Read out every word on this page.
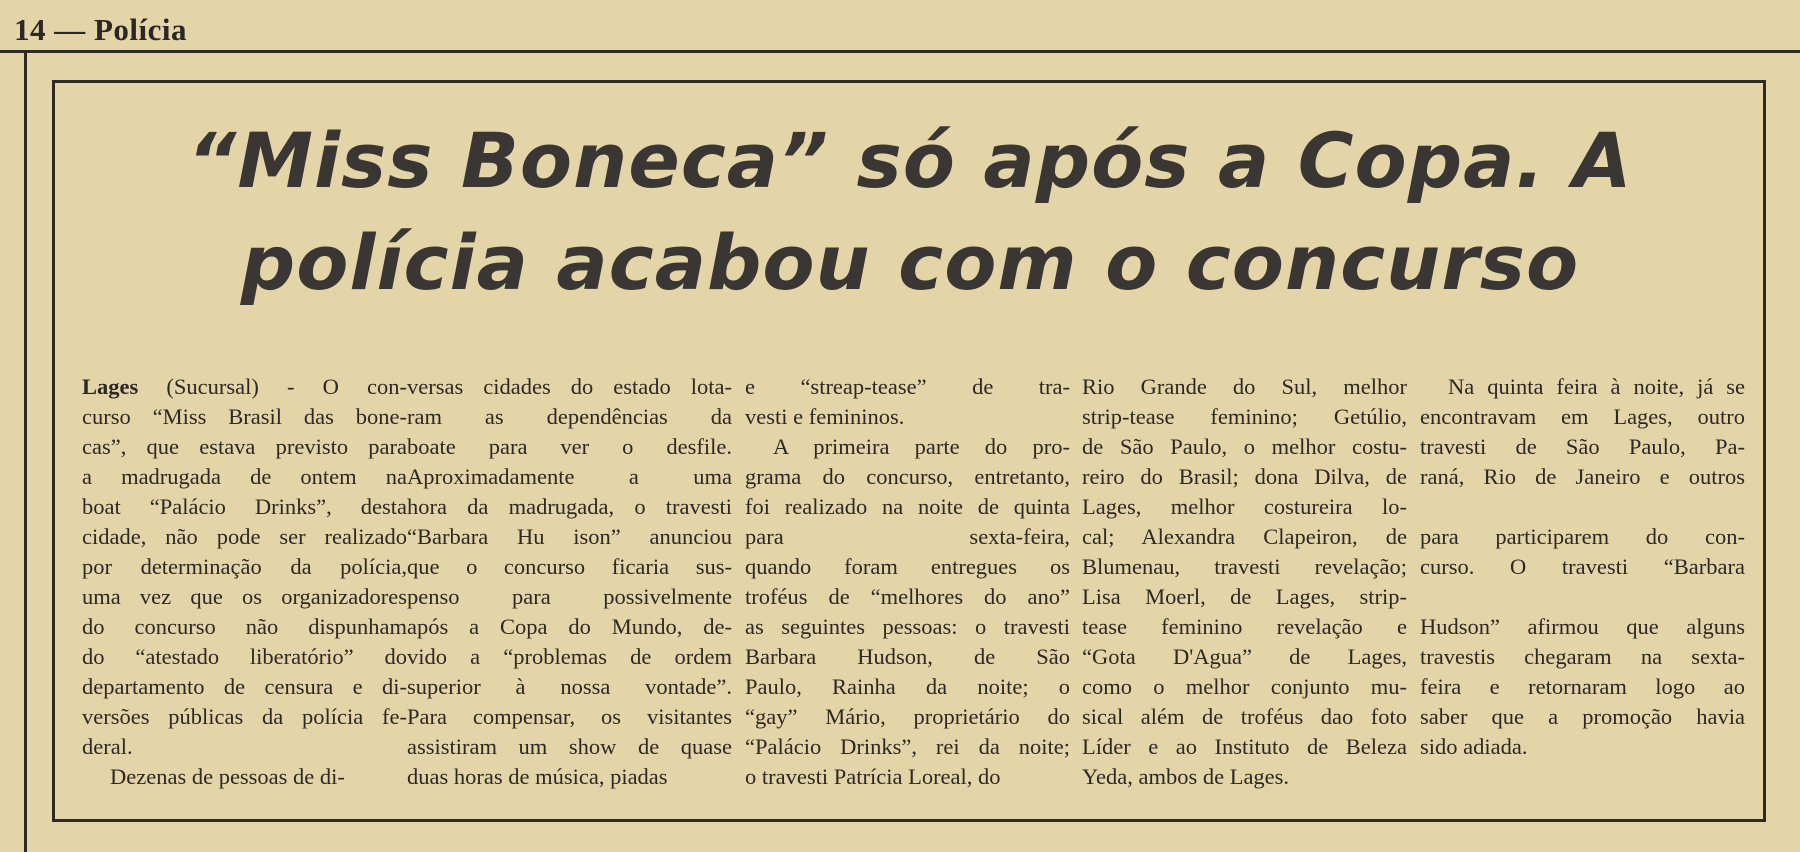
14 — Polícia
“Miss Boneca” só após a Copa. A polícia acabou com o concurso
Lages (Sucursal) - O con-
curso “Miss Brasil das bone-
cas”, que estava previsto para
a madrugada de ontem na
boat “Palácio Drinks”, desta
cidade, não pode ser realizado
por determinação da polícia,
uma vez que os organizadores
do concurso não dispunham
do “atestado liberatório” do
departamento de censura e di-
versões públicas da polícia fe-
deral.
Dezenas de pessoas de di-
versas cidades do estado lota-
ram as dependências da
boate para ver o desfile.
Aproximadamente a uma
hora da madrugada, o travesti
“Barbara Hu ison” anunciou
que o concurso ficaria sus-
penso para possivelmente
após a Copa do Mundo, de-
vido a “problemas de ordem
superior à nossa vontade”.
Para compensar, os visitantes
assistiram um show de quase
duas horas de música, piadas
e “streap-tease” de tra-
vesti e femininos.
A primeira parte do pro-
grama do concurso, entretanto,
foi realizado na noite de quinta
para sexta-feira,
quando foram entregues os
troféus de “melhores do ano”
as seguintes pessoas: o travesti
Barbara Hudson, de São
Paulo, Rainha da noite; o
“gay” Mário, proprietário do
“Palácio Drinks”, rei da noite;
o travesti Patrícia Loreal, do
Rio Grande do Sul, melhor
strip-tease feminino; Getúlio,
de São Paulo, o melhor costu-
reiro do Brasil; dona Dilva, de
Lages, melhor costureira lo-
cal; Alexandra Clapeiron, de
Blumenau, travesti revelação;
Lisa Moerl, de Lages, strip-
tease feminino revelação e
“Gota D'Agua” de Lages,
como o melhor conjunto mu-
sical além de troféus dao foto
Líder e ao Instituto de Beleza
Yeda, ambos de Lages.
Na quinta feira à noite, já se
encontravam em Lages, outro
travesti de São Paulo, Pa-
raná, Rio de Janeiro e outros
para participarem do con-
curso. O travesti “Barbara
Hudson” afirmou que alguns
travestis chegaram na sexta-
feira e retornaram logo ao
saber que a promoção havia
sido adiada.
